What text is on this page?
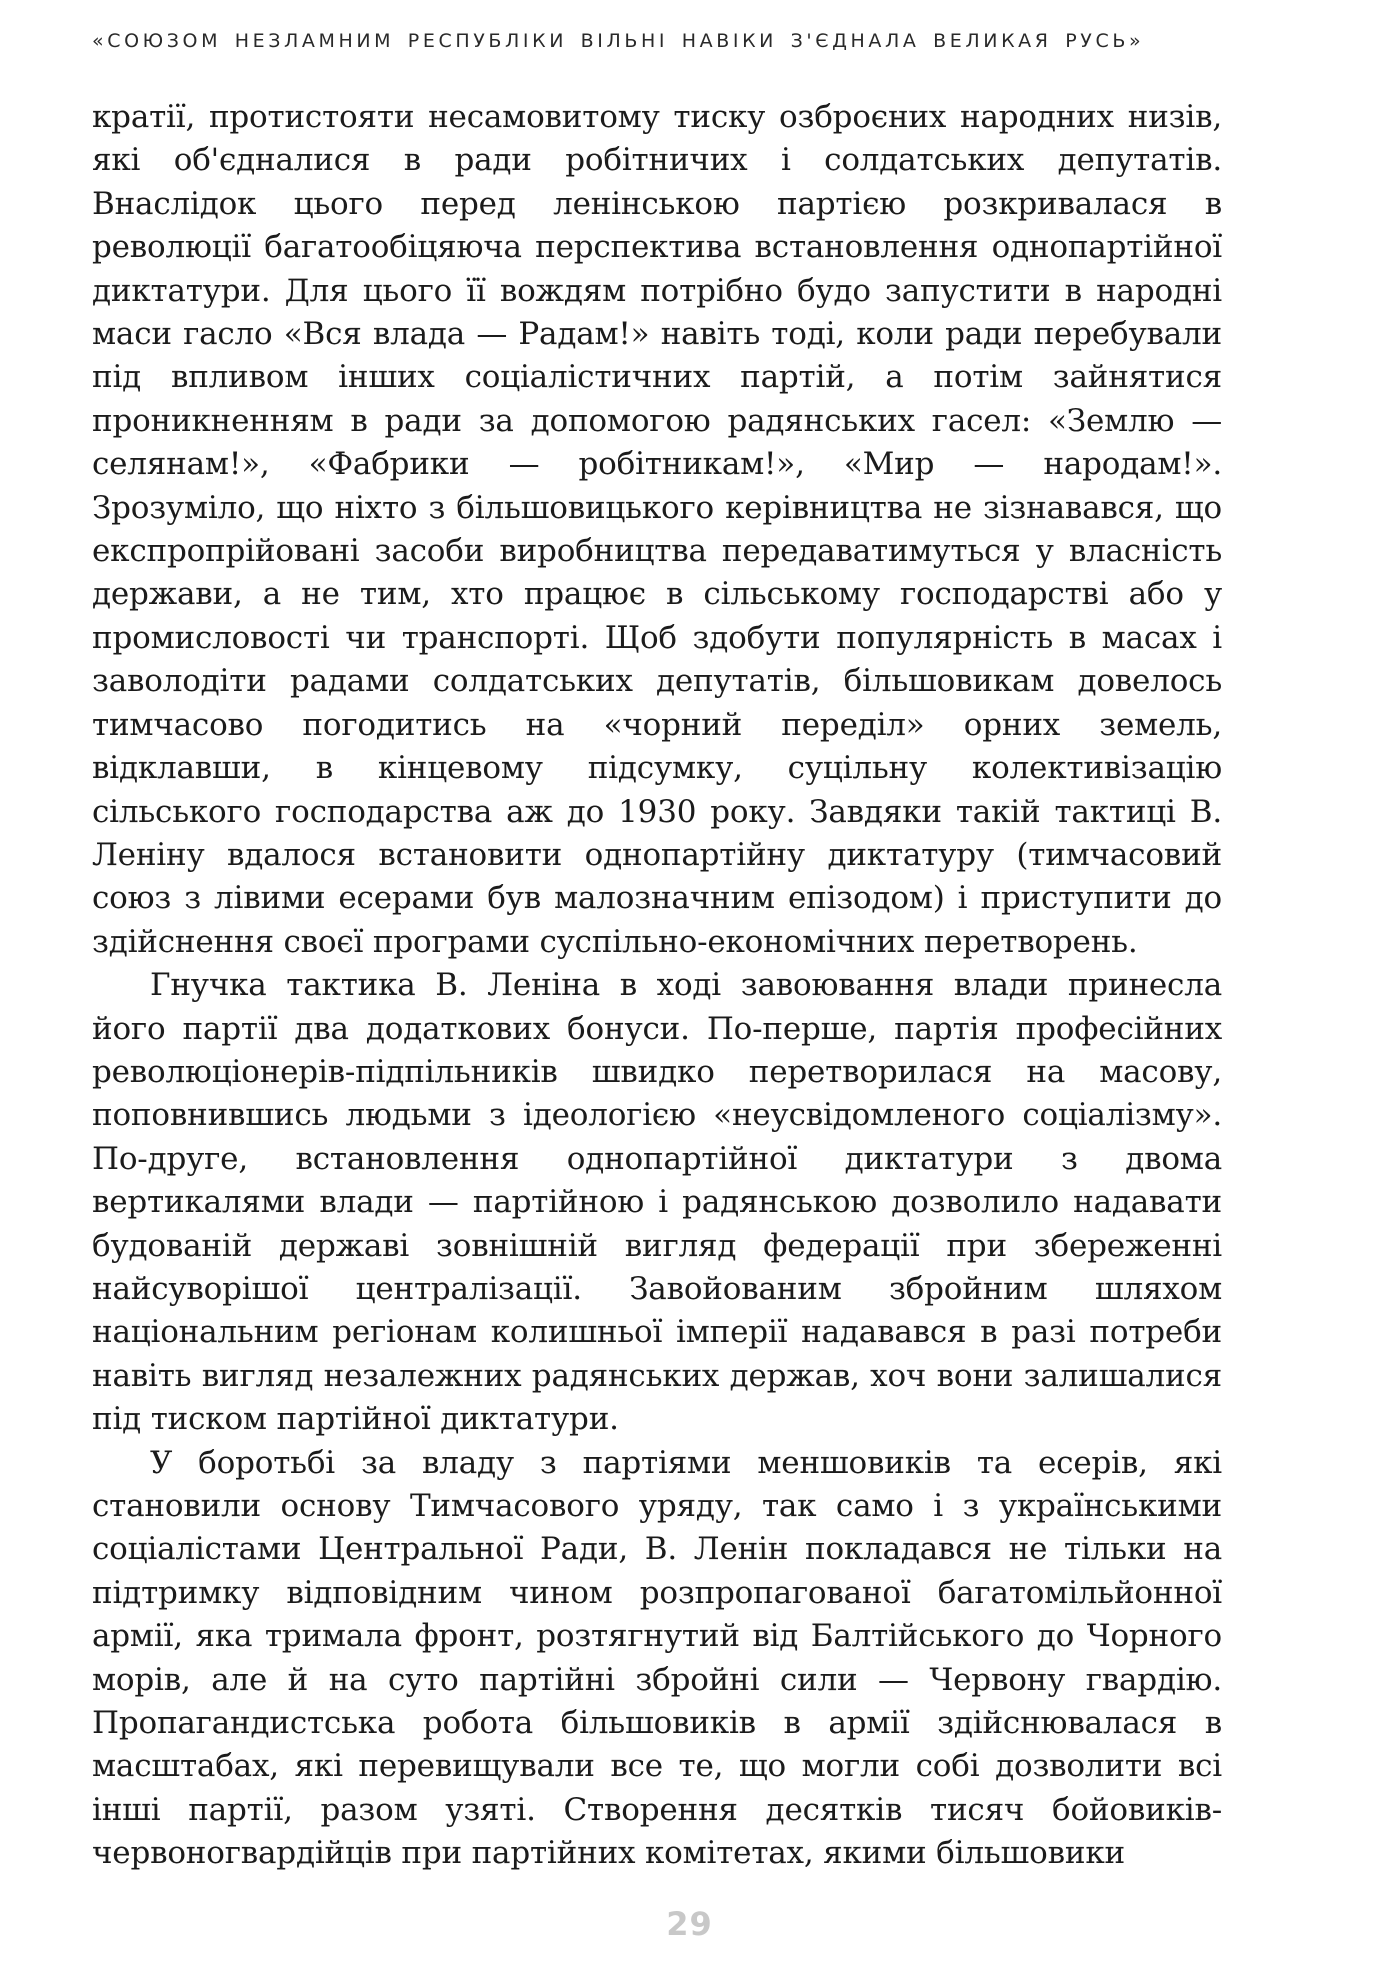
«СОЮЗОМ НЕЗЛАМНИМ РЕСПУБЛІКИ ВІЛЬНІ НАВІКИ З'ЄДНАЛА ВЕЛИКАЯ РУСЬ»

кратії, протистояти несамовитому тиску озброєних народних низів, які об'єдналися в ради робітничих і солдатських депутатів. Внаслідок цього перед ленінською партією розкривалася в революції багатообіцяюча перспектива встановлення однопартійної диктатури. Для цього її вождям потрібно будо запустити в народні маси гасло «Вся влада — Радам!» навіть тоді, коли ради перебували під впливом інших соціалістичних партій, а потім зайнятися проникненням в ради за допомогою радянських гасел: «Землю — селянам!», «Фабрики — робітникам!», «Мир — народам!». Зрозуміло, що ніхто з більшовицького керівництва не зізнавався, що експропрійовані засоби виробництва передаватимуться у власність держави, а не тим, хто працює в сільському господарстві або у промисловості чи транспорті. Щоб здобути популярність в масах і заволодіти радами солдатських депутатів, більшовикам довелось тимчасово погодитись на «чорний переділ» орних земель, відклавши, в кінцевому підсумку, суцільну колективізацію сільського господарства аж до 1930 року. Завдяки такій тактиці В. Леніну вдалося встановити однопартійну диктатуру (тимчасовий союз з лівими есерами був малозначним епізодом) і приступити до здійснення своєї програми суспільно-економічних перетворень.

Гнучка тактика В. Леніна в ході завоювання влади принесла його партії два додаткових бонуси. По-перше, партія професійних революціонерів-підпільників швидко перетворилася на масову, поповнившись людьми з ідеологією «неусвідомленого соціалізму». По-друге, встановлення однопартійної диктатури з двома вертикалями влади — партійною і радянською дозволило надавати будованій державі зовнішній вигляд федерації при збереженні найсуворішої централізації. Завойованим збройним шляхом національним регіонам колишньої імперії надавався в разі потреби навіть вигляд незалежних радянських держав, хоч вони залишалися під тиском партійної диктатури.

У боротьбі за владу з партіями меншовиків та есерів, які становили основу Тимчасового уряду, так само і з українськими соціалістами Центральної Ради, В. Ленін покладався не тільки на підтримку відповідним чином розпропагованої багатомільйонної армії, яка тримала фронт, розтягнутий від Балтійського до Чорного морів, але й на суто партійні збройні сили — Червону гвардію. Пропагандистська робота більшовиків в армії здійснювалася в масштабах, які перевищували все те, що могли собі дозволити всі інші партії, разом узяті. Створення десятків тисяч бойовиків-червоногвардійців при партійних комітетах, якими більшовики

29
